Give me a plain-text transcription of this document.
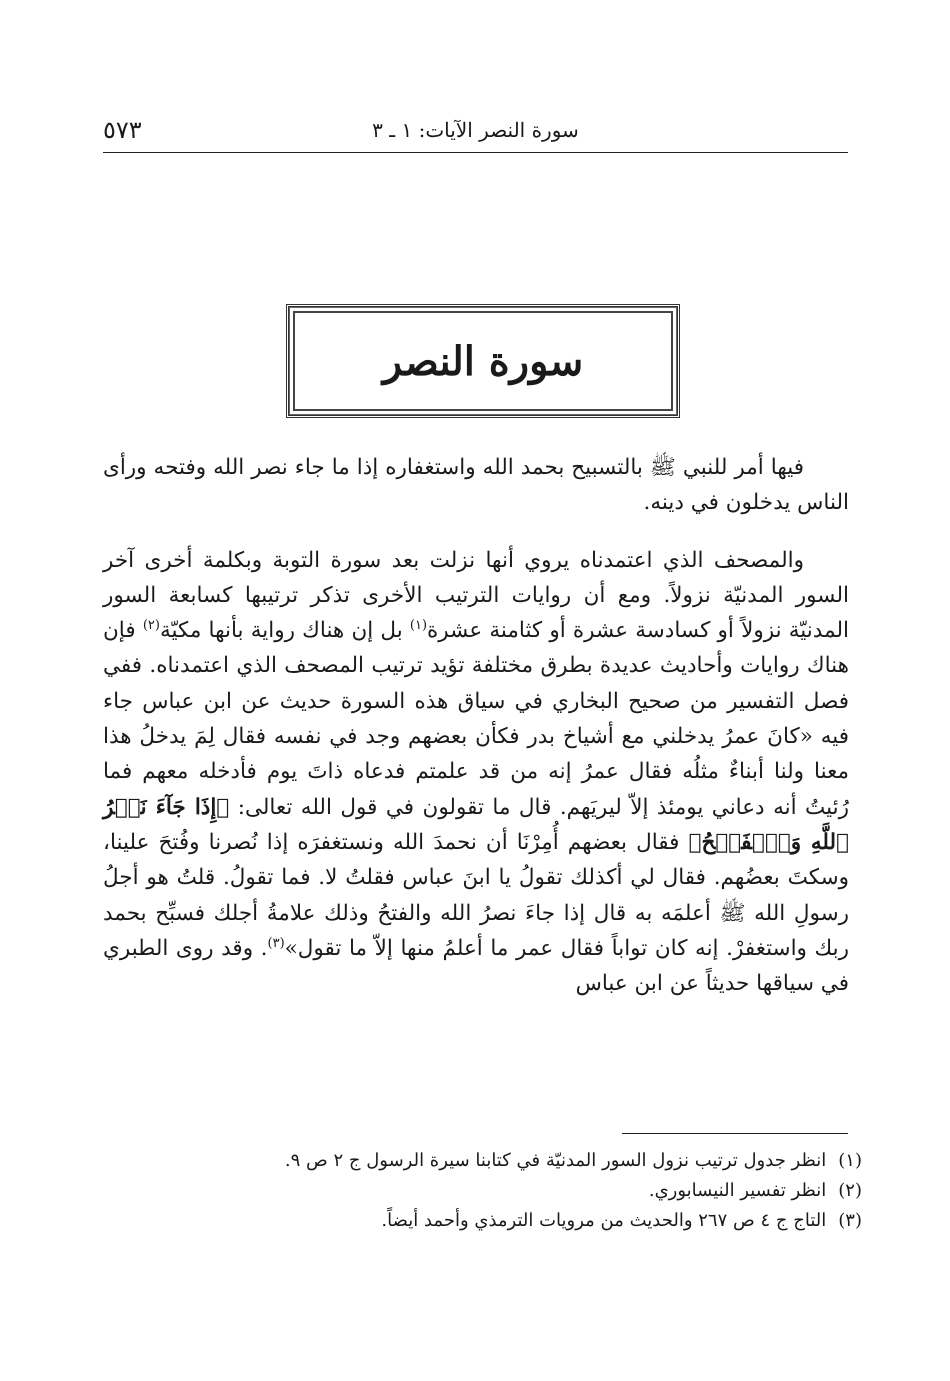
٥٧٣	سورة النصر الآيات: ١ ـ ٣
سورة النصر

فيها أمر للنبي ﷺ بالتسبيح بحمد الله واستغفاره إذا ما جاء نصر الله وفتحه ورأى الناس يدخلون في دينه.

والمصحف الذي اعتمدناه يروي أنها نزلت بعد سورة التوبة وبكلمة أخرى آخر السور المدنيّة نزولاً. ومع أن روايات الترتيب الأخرى تذكر ترتيبها كسابعة السور المدنيّة نزولاً أو كسادسة عشرة أو كثامنة عشرة$^{(١)}$ بل إن هناك رواية بأنها مكيّة$^{(٢)}$ فإن هناك روايات وأحاديث عديدة بطرق مختلفة تؤيد ترتيب المصحف الذي اعتمدناه. ففي فصل التفسير من صحيح البخاري في سياق هذه السورة حديث عن ابن عباس جاء فيه «كانَ عمرُ يدخلني مع أشياخ بدر فكأن بعضهم وجد في نفسه فقال لِمَ يدخلُ هذا معنا ولنا أبناءٌ مثلُه فقال عمرُ إنه من قد علمتم فدعاه ذاتَ يوم فأدخله معهم فما رُئيتُ أنه دعاني يومئذ إلاّ ليريَهم. قال ما تقولون في قول الله تعالى: ﴿إِذَا جَآءَ نَصۡرُ ٱللَّهِ وَٱلۡفَتۡحُ﴾ فقال بعضهم أُمِرْنَا أن نحمدَ الله ونستغفرَه إذا نُصرنا وفُتحَ علينا، وسكتَ بعضُهم. فقال لي أكذلك تقولُ يا ابنَ عباس فقلتُ لا. فما تقولُ. قلتُ هو أجلُ رسولِ الله ﷺ أعلمَه به قال إذا جاءَ نصرُ الله والفتحُ وذلك علامةُ أجلك فسبِّح بحمد ربك واستغفرْ. إنه كان تواباً فقال عمر ما أعلمُ منها إلاّ ما تقول»$^{(٣)}$. وقد روى الطبري في سياقها حديثاً عن ابن عباس

(١)انظر جدول ترتيب نزول السور المدنيّة في كتابنا سيرة الرسول ج ٢ ص ٩.
(٢)انظر تفسير النيسابوري.
(٣)التاج ج ٤ ص ٢٦٧ والحديث من مرويات الترمذي وأحمد أيضاً.
